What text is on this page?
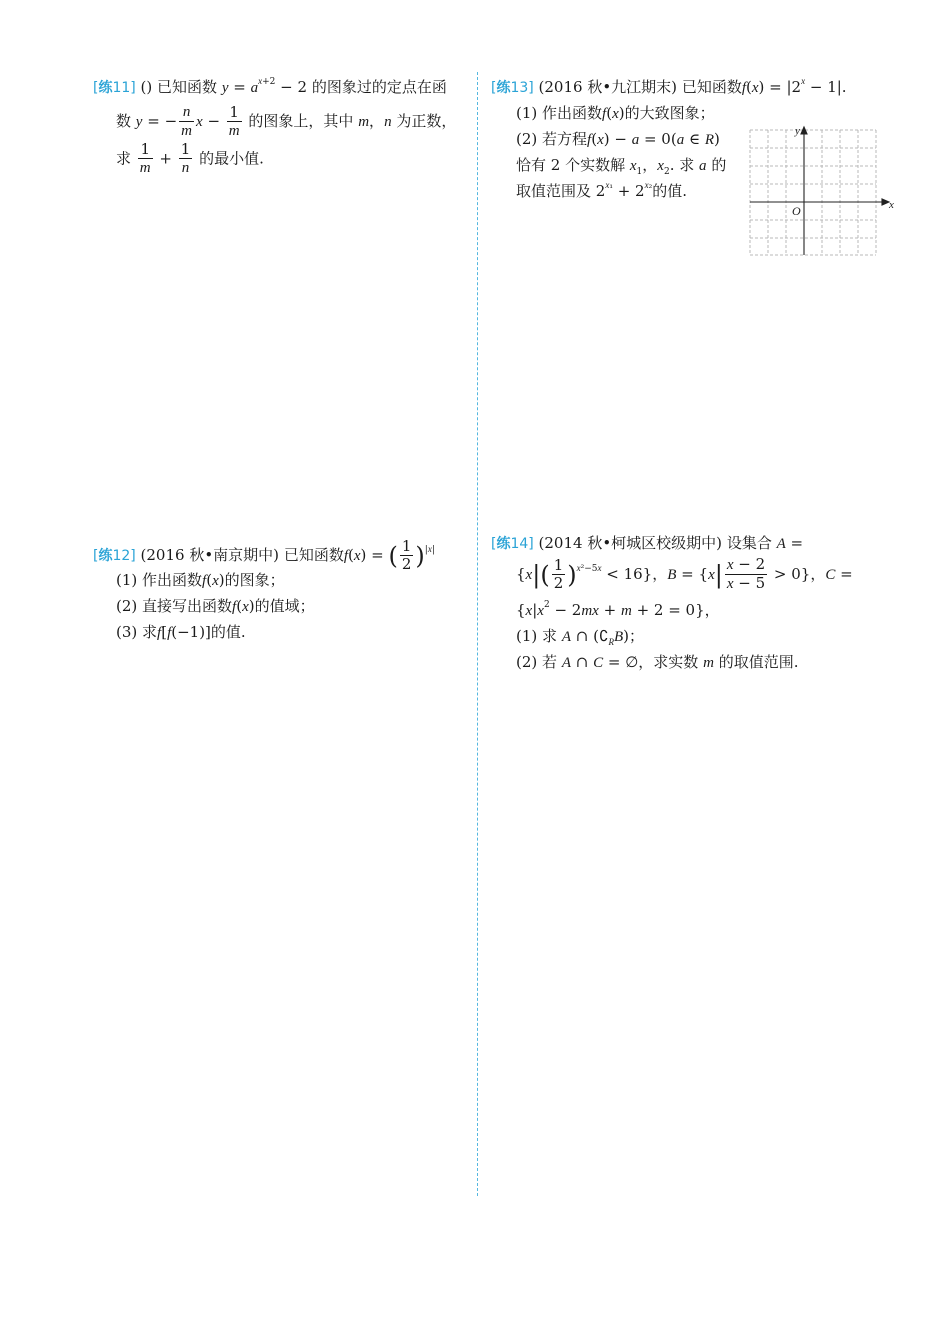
[练11] () 已知函数 $y = a^{x+2} - 2$ 的图象过的定点在函
数 y = − $\frac{n}{m}$ $x - \frac{1}{m}$ 的图象上，其中 m，n 为正数，
求 $\frac{1}{m} + \frac{1}{n}$ 的最小值.
[练13] (2016 秋•九江期末) 已知函数$f(x) = |2^x - 1|$.
(1) 作出函数f(x)的大致图象；
(2) 若方程f(x) − a = 0(a ∈ R)
恰有 2 个实数解 $x_1$，$x_2$. 求 a 的
取值范围及 $2^{x_1} + 2^{x_2}$的值.
x
y
O
[练12] (2016 秋•南京期中) 已知函数f(x) = ( $\frac{1}{2} )^{|x|}$
(1) 作出函数f(x)的图象；
(2) 直接写出函数f(x)的值域；
(3) 求f[f(−1)]的值.
[练14] (2014 秋•柯城区校级期中) 设集合 A =
$\{x|( \frac{1}{2} )^{x^2-5x} < 16\}$，$B = \{x| \frac{x - 2}{x - 5} > 0\}$，C =
$\{x|x^2 - 2mx + m + 2 = 0\}$，
(1) 求 A ∩ $(∁_RB)$；
(2) 若 A ∩ C = ∅，求实数 m 的取值范围.
